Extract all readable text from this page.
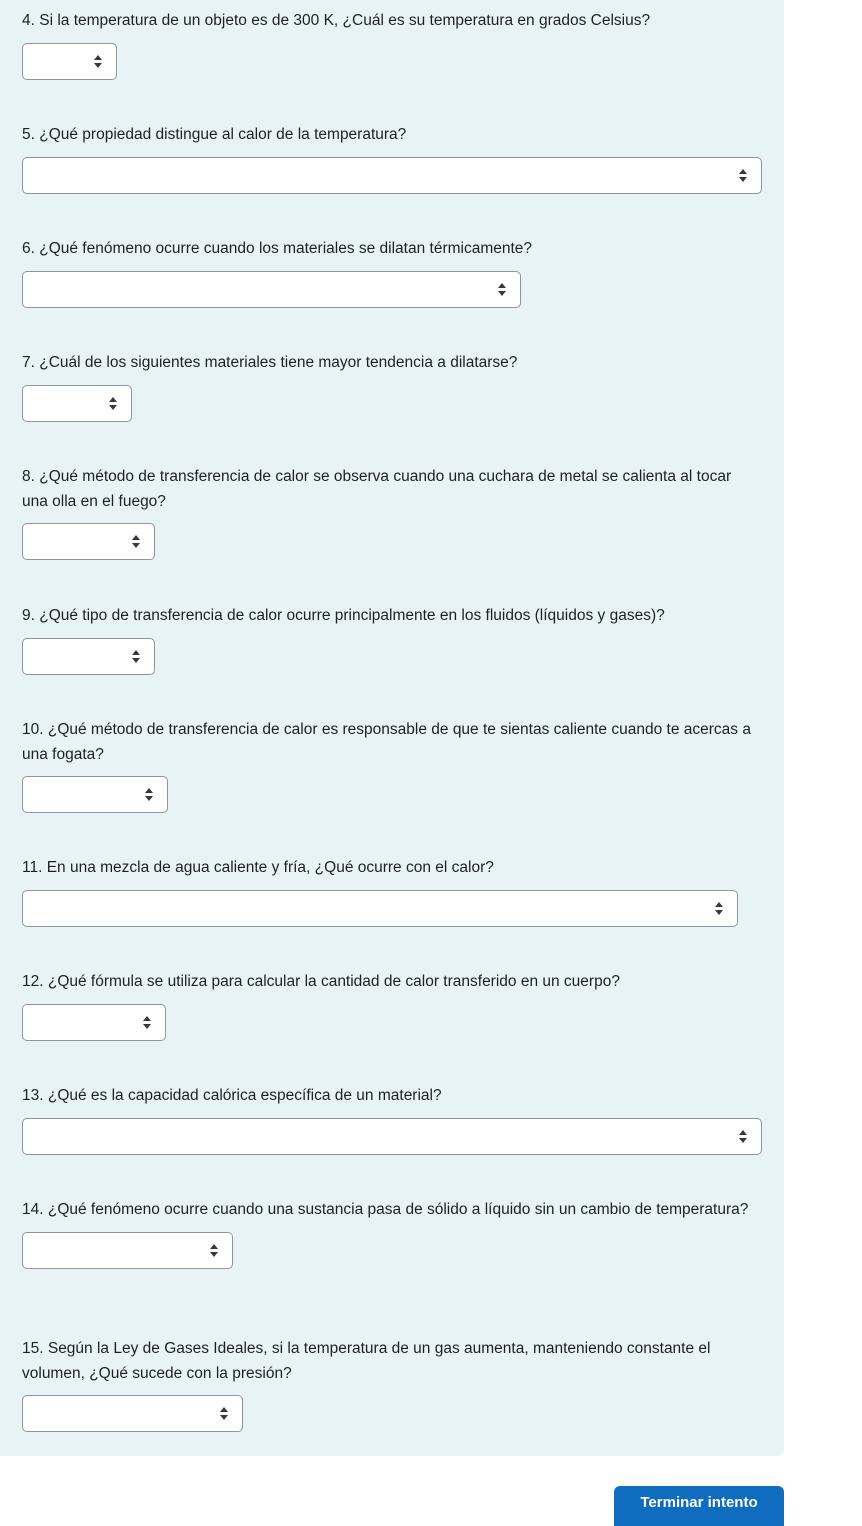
4. Si la temperatura de un objeto es de 300 K, ¿Cuál es su temperatura en grados Celsius?

5. ¿Qué propiedad distingue al calor de la temperatura?

6. ¿Qué fenómeno ocurre cuando los materiales se dilatan térmicamente?

7. ¿Cuál de los siguientes materiales tiene mayor tendencia a dilatarse?

8. ¿Qué método de transferencia de calor se observa cuando una cuchara de metal se calienta al tocar una olla en el fuego?

9. ¿Qué tipo de transferencia de calor ocurre principalmente en los fluidos (líquidos y gases)?

10. ¿Qué método de transferencia de calor es responsable de que te sientas caliente cuando te acercas a una fogata?

11. En una mezcla de agua caliente y fría, ¿Qué ocurre con el calor?

12. ¿Qué fórmula se utiliza para calcular la cantidad de calor transferido en un cuerpo?

13. ¿Qué es la capacidad calórica específica de un material?

14. ¿Qué fenómeno ocurre cuando una sustancia pasa de sólido a líquido sin un cambio de temperatura?

15. Según la Ley de Gases Ideales, si la temperatura de un gas aumenta, manteniendo constante el volumen, ¿Qué sucede con la presión?

Terminar intento
